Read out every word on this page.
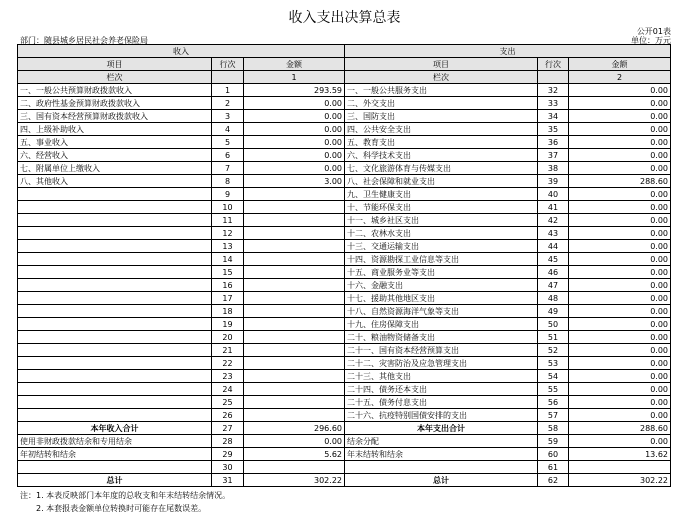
收入支出决算总表
公开01表
部门：随县城乡居民社会养老保险局	单位：万元
收入			支出		
项目	行次	金额	项目	行次	金额
栏次		1	栏次		2
一、一般公共预算财政拨款收入	1	293.59	一、一般公共服务支出	32	0.00
二、政府性基金预算财政拨款收入	2	0.00	二、外交支出	33	0.00
三、国有资本经营预算财政拨款收入	3	0.00	三、国防支出	34	0.00
四、上级补助收入	4	0.00	四、公共安全支出	35	0.00
五、事业收入	5	0.00	五、教育支出	36	0.00
六、经营收入	6	0.00	六、科学技术支出	37	0.00
七、附属单位上缴收入	7	0.00	七、文化旅游体育与传媒支出	38	0.00
八、其他收入	8	3.00	八、社会保障和就业支出	39	288.60
	9		九、卫生健康支出	40	0.00
	10		十、节能环保支出	41	0.00
	11		十一、城乡社区支出	42	0.00
	12		十二、农林水支出	43	0.00
	13		十三、交通运输支出	44	0.00
	14		十四、资源勘探工业信息等支出	45	0.00
	15		十五、商业服务业等支出	46	0.00
	16		十六、金融支出	47	0.00
	17		十七、援助其他地区支出	48	0.00
	18		十八、自然资源海洋气象等支出	49	0.00
	19		十九、住房保障支出	50	0.00
	20		二十、粮油物资储备支出	51	0.00
	21		二十一、国有资本经营预算支出	52	0.00
	22		二十二、灾害防治及应急管理支出	53	0.00
	23		二十三、其他支出	54	0.00
	24		二十四、债务还本支出	55	0.00
	25		二十五、债务付息支出	56	0.00
	26		二十六、抗疫特别国债安排的支出	57	0.00
本年收入合计	27	296.60	本年支出合计	58	288.60
使用非财政拨款结余和专用结余	28	0.00	结余分配	59	0.00
年初结转和结余	29	5.62	年末结转和结余	60	13.62
	30			61	
总计	31	302.22	总计	62	302.22
注：1. 本表反映部门本年度的总收支和年末结转结余情况。
2. 本套报表金额单位转换时可能存在尾数误差。
